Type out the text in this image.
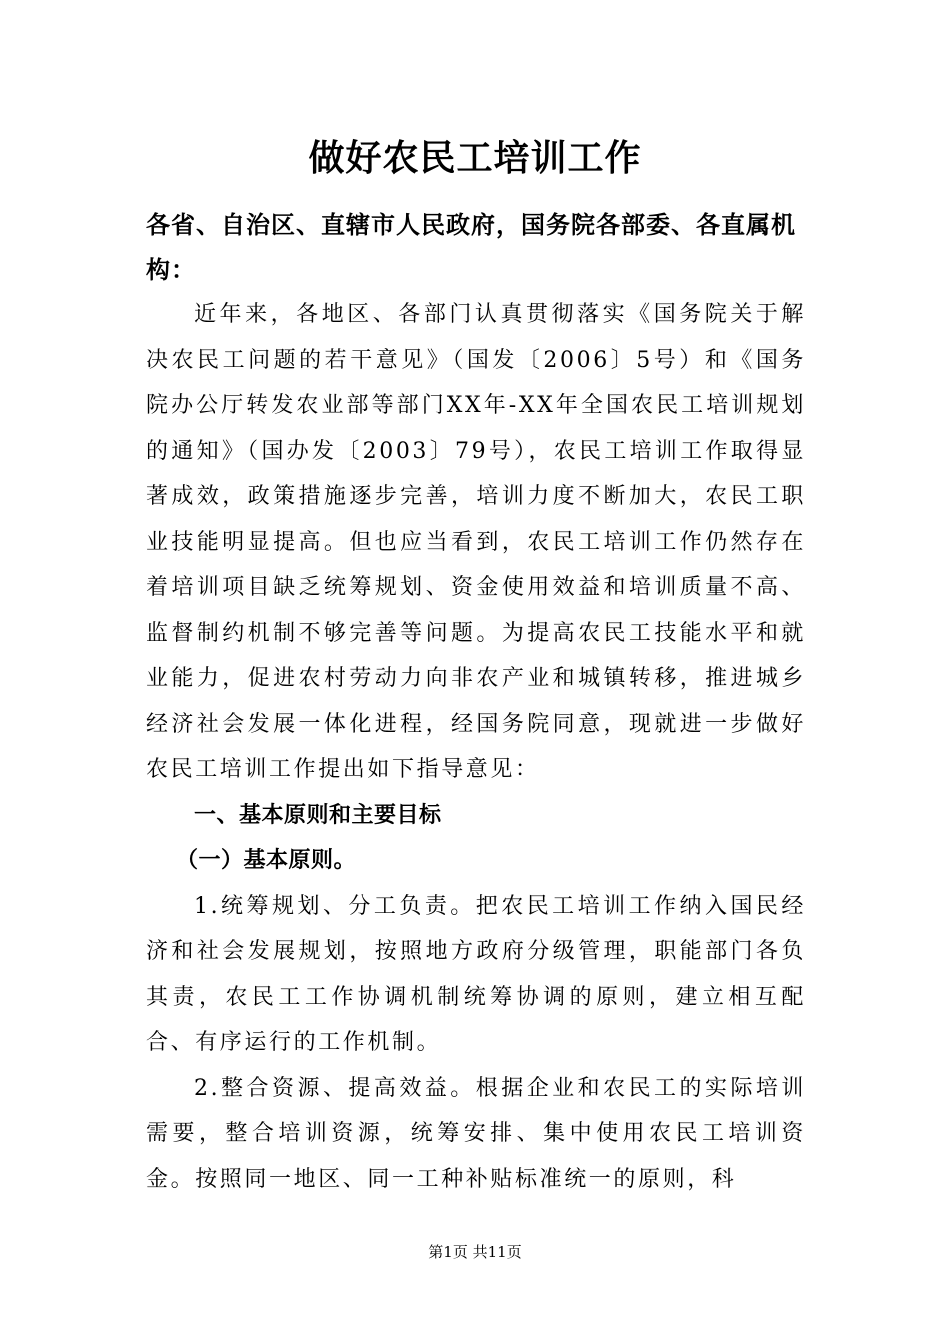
做好农民工培训工作

各省、自治区、直辖市人民政府，国务院各部委、各直属机构：

近年来，各地区、各部门认真贯彻落实《国务院关于解决农民工问题的若干意见》（国发〔2006〕5号）和《国务院办公厅转发农业部等部门XX年-XX年全国农民工培训规划的通知》（国办发〔2003〕79号），农民工培训工作取得显著成效，政策措施逐步完善，培训力度不断加大，农民工职业技能明显提高。但也应当看到，农民工培训工作仍然存在着培训项目缺乏统筹规划、资金使用效益和培训质量不高、监督制约机制不够完善等问题。为提高农民工技能水平和就业能力，促进农村劳动力向非农产业和城镇转移，推进城乡经济社会发展一体化进程，经国务院同意，现就进一步做好农民工培训工作提出如下指导意见：

一、基本原则和主要目标

（一）基本原则。

1.统筹规划、分工负责。把农民工培训工作纳入国民经济和社会发展规划，按照地方政府分级管理，职能部门各负其责，农民工工作协调机制统筹协调的原则，建立相互配合、有序运行的工作机制。

2.整合资源、提高效益。根据企业和农民工的实际培训需要，整合培训资源，统筹安排、集中使用农民工培训资金。按照同一地区、同一工种补贴标准统一的原则，科

第1页 共11页
